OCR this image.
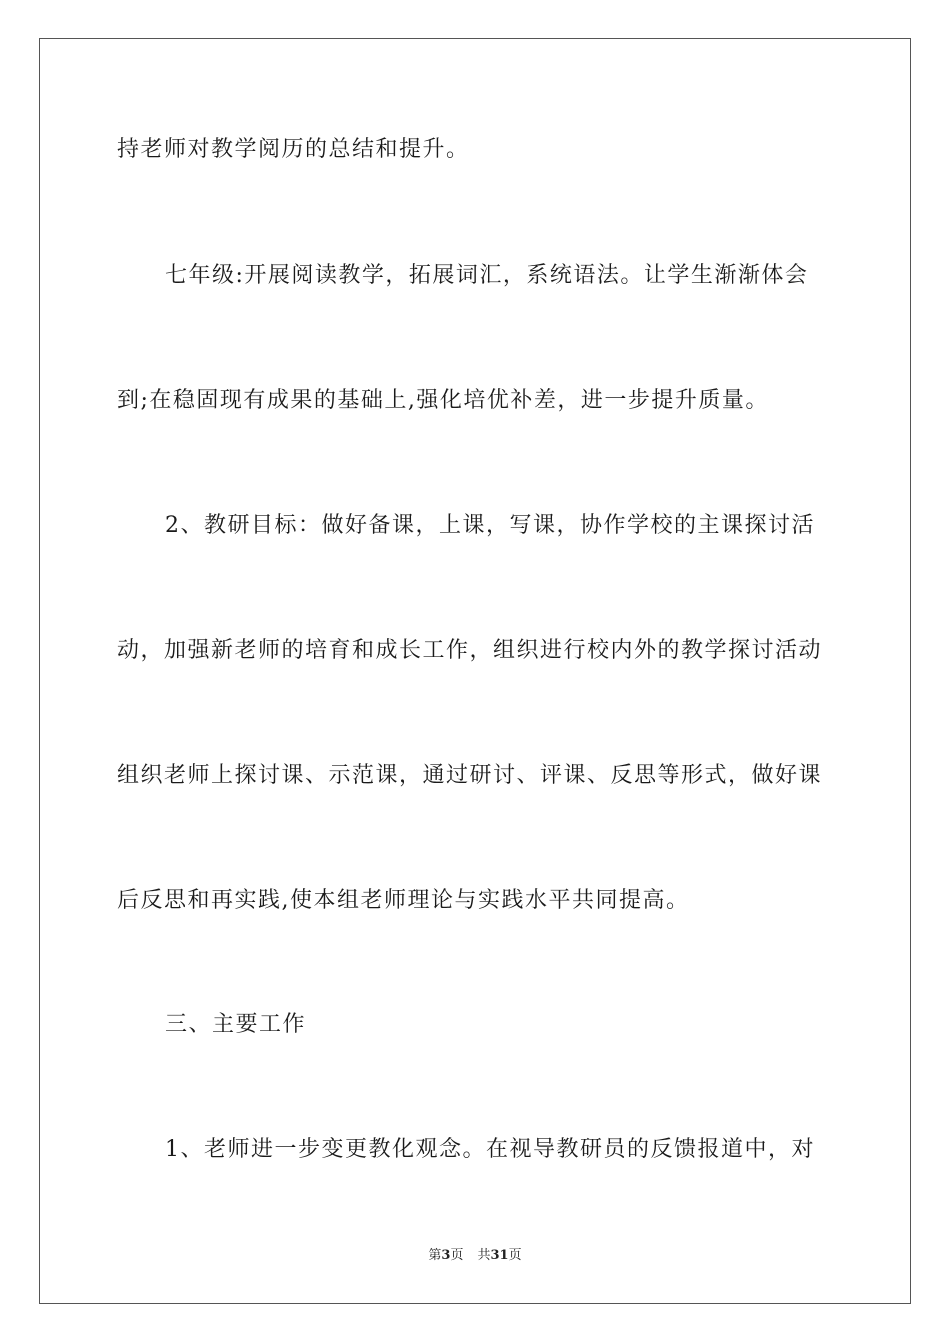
持老师对教学阅历的总结和提升。
七年级:开展阅读教学，拓展词汇，系统语法。让学生渐渐体会
到;在稳固现有成果的基础上,强化培优补差，进一步提升质量。
2、教研目标：做好备课，上课，写课，协作学校的主课探讨活
动，加强新老师的培育和成长工作，组织进行校内外的教学探讨活动
组织老师上探讨课、示范课，通过研讨、评课、反思等形式，做好课
后反思和再实践,使本组老师理论与实践水平共同提高。
三、主要工作
1、老师进一步变更教化观念。在视导教研员的反馈报道中，对
第3页 共31页
